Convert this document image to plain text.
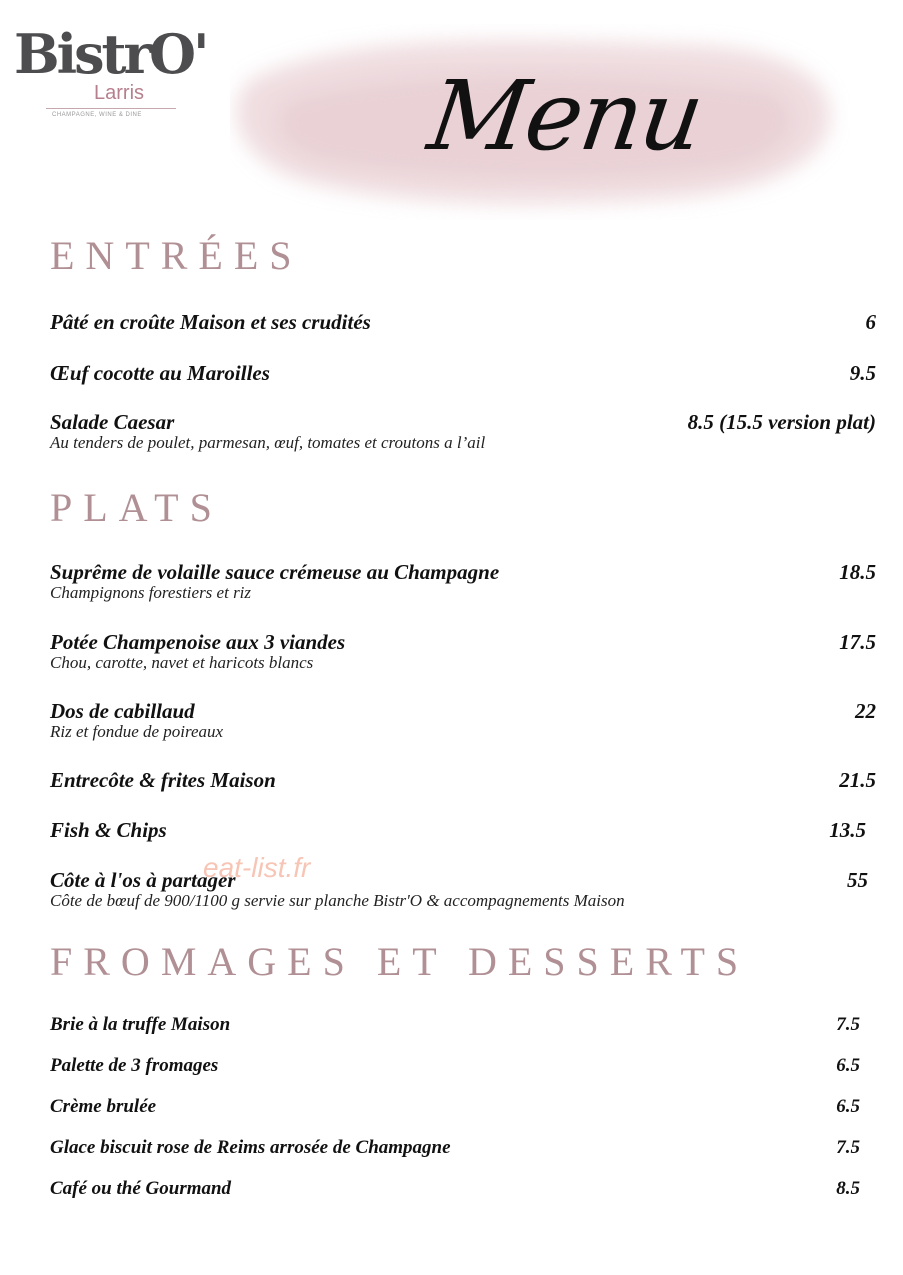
BistrO'
Larris
CHAMPAGNE, WINE & DINE	Menu
ENTRÉES
Pâté en croûte Maison et ses crudités	6
Œuf cocotte au Maroilles	9.5
Salade Caesar	8.5 (15.5 version plat)
Au tenders de poulet, parmesan, œuf, tomates et croutons a l’ail
PLATS
Suprême de volaille sauce crémeuse au Champagne	18.5
Champignons forestiers et riz
Potée Champenoise aux 3 viandes	17.5
Chou, carotte, navet et haricots blancs
Dos de cabillaud	22
Riz et fondue de poireaux
Entrecôte & frites Maison	21.5
Fish & Chips	13.5
Côte à l'os à partager	55
Côte de bœuf de 900/1100 g servie sur planche Bistr'O & accompagnements Maison
eat-list.fr
FROMAGES ET DESSERTS
Brie à la truffe Maison	7.5
Palette de 3 fromages	6.5
Crème brulée	6.5
Glace biscuit rose de Reims arrosée de Champagne	7.5
Café ou thé Gourmand	8.5
